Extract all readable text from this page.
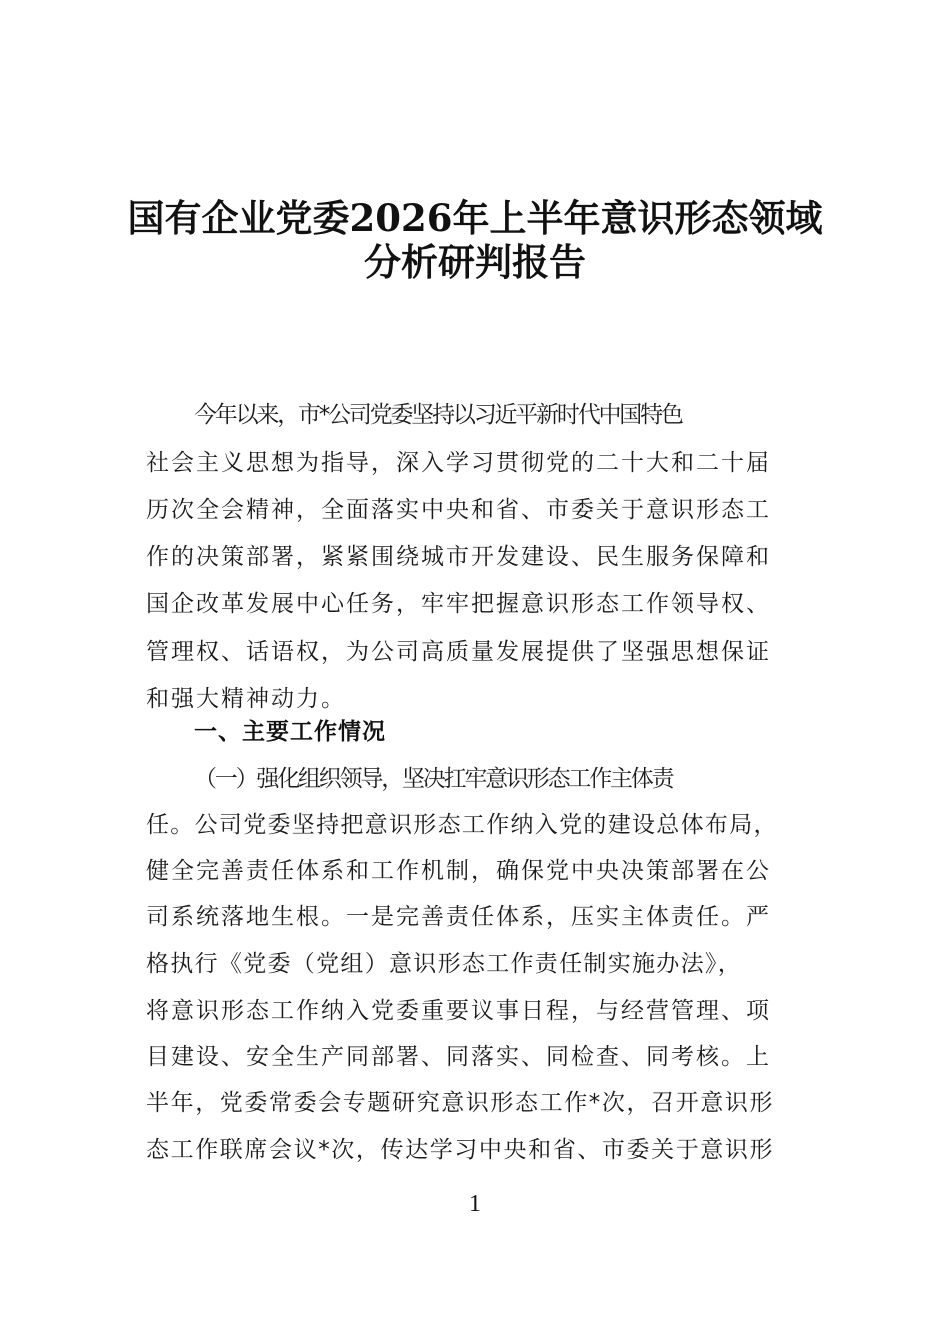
国有企业党委2026年上半年意识形态领域
分析研判报告
今年以来，市*公司党委坚持以习近平新时代中国特色
社会主义思想为指导，深入学习贯彻党的二十大和二十届
历次全会精神，全面落实中央和省、市委关于意识形态工
作的决策部署，紧紧围绕城市开发建设、民生服务保障和
国企改革发展中心任务，牢牢把握意识形态工作领导权、
管理权、话语权，为公司高质量发展提供了坚强思想保证
和强大精神动力。
一、主要工作情况
（一）强化组织领导，坚决扛牢意识形态工作主体责
任。公司党委坚持把意识形态工作纳入党的建设总体布局，
健全完善责任体系和工作机制，确保党中央决策部署在公
司系统落地生根。一是完善责任体系，压实主体责任。严
格执行《党委（党组）意识形态工作责任制实施办法》，
将意识形态工作纳入党委重要议事日程，与经营管理、项
目建设、安全生产同部署、同落实、同检查、同考核。上
半年，党委常委会专题研究意识形态工作*次，召开意识形
态工作联席会议*次，传达学习中央和省、市委关于意识形
1
